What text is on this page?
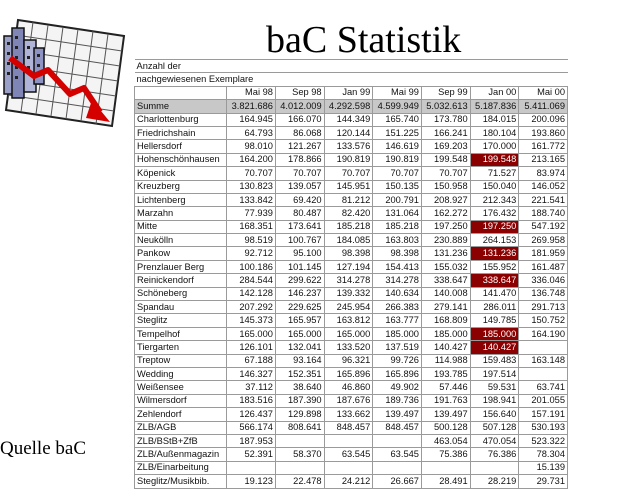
baC Statistik
Anzahl der							
nachgewiesenen Exemplare							
	Mai 98	Sep 98	Jan 99	Mai 99	Sep 99	Jan 00	Mai 00
Summe	3.821.686	4.012.009	4.292.598	4.599.949	5.032.613	5.187.836	5.411.069
Charlottenburg	164.945	166.070	144.349	165.740	173.780	184.015	200.096
Friedrichshain	64.793	86.068	120.144	151.225	166.241	180.104	193.860
Hellersdorf	98.010	121.267	133.576	146.619	169.203	170.000	161.772
Hohenschönhausen	164.200	178.866	190.819	190.819	199.548	199.548	213.165
Köpenick	70.707	70.707	70.707	70.707	70.707	71.527	83.974
Kreuzberg	130.823	139.057	145.951	150.135	150.958	150.040	146.052
Lichtenberg	133.842	69.420	81.212	200.791	208.927	212.343	221.541
Marzahn	77.939	80.487	82.420	131.064	162.272	176.432	188.740
Mitte	168.351	173.641	185.218	185.218	197.250	197.250	547.192
Neukölln	98.519	100.767	184.085	163.803	230.889	264.153	269.958
Pankow	92.712	95.100	98.398	98.398	131.236	131.236	181.959
Prenzlauer Berg	100.186	101.145	127.194	154.413	155.032	155.952	161.487
Reinickendorf	284.544	299.622	314.278	314.278	338.647	338.647	336.046
Schöneberg	142.128	146.237	139.332	140.634	140.008	141.470	136.748
Spandau	207.292	229.625	245.954	266.383	279.141	286.011	291.713
Steglitz	145.373	165.957	163.812	163.777	168.809	149.785	150.752
Tempelhof	165.000	165.000	165.000	185.000	185.000	185.000	164.190
Tiergarten	126.101	132.041	133.520	137.519	140.427	140.427	
Treptow	67.188	93.164	96.321	99.726	114.988	159.483	163.148
Wedding	146.327	152.351	165.896	165.896	193.785	197.514	
Weißensee	37.112	38.640	46.860	49.902	57.446	59.531	63.741
Wilmersdorf	183.516	187.390	187.676	189.736	191.763	198.941	201.055
Zehlendorf	126.437	129.898	133.662	139.497	139.497	156.640	157.191
ZLB/AGB	566.174	808.641	848.457	848.457	500.128	507.128	530.193
ZLB/BStB+ZfB	187.953				463.054	470.054	523.322
ZLB/Außenmagazin	52.391	58.370	63.545	63.545	75.386	76.386	78.304
ZLB/Einarbeitung							15.139
Steglitz/Musikbib.	19.123	22.478	24.212	26.667	28.491	28.219	29.731
Quelle baC
